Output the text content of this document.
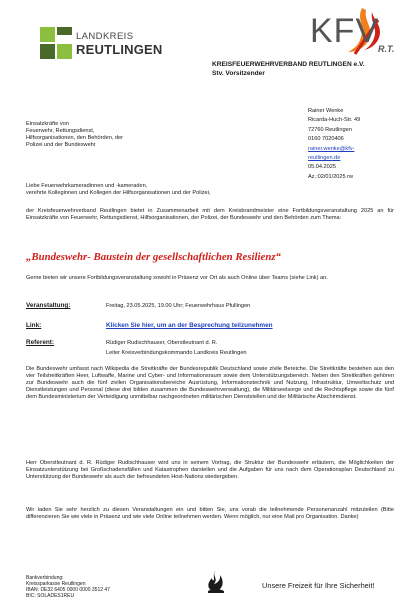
LANDKREIS
REUTLINGEN	KFV
R.T.
KREISFEUERWEHRVERBAND REUTLINGEN e.V.
Stv. Vorsitzender
Einsatzkräfte von
Feuerwehr, Rettungsdienst,
Hilfsorganisationen, den Behörden, der
Polizei und der Bundeswehr
Rainer Wenke
Ricarda-Huch-Str. 49
72760 Reutlingen
0160 7020406
rainer.wenke@kfv-
reutlingen.de
05.04.2025
Az.:02/01/2025 rw
Liebe Feuerwehrkameradinnen und -kameraden,
verehrte Kolleginnen und Kollegen der Hilfsorganisationen und der Polizei,
der Kreisfeuerwehrverband Reutlingen bietet in Zusammenarbeit mit dem Kreisbrandmeister eine Fortbildungsveranstaltung 2025 an für Einsatzkräfte von Feuerwehr, Rettungsdienst, Hilfsorganisationen, der Polizei, der Bundeswehr und den Behörden zum Thema:
„Bundeswehr- Baustein der gesellschaftlichen Resilienz“
Gerne bieten wir unsere Fortbildungsveranstaltung sowohl in Präsenz vor Ort als auch Online über Teams (siehe Link) an.
Veranstaltung:	Freitag, 23.05.2025, 19.00 Uhr; Feuerwehrhaus Pfullingen
Link:	Klicken Sie hier, um an der Besprechung teilzunehmen
Referent:	Rüdiger Rudischhauser, Oberstleutnant d. R.
Leiter Kreisverbindungskommando Landkreis Reutlingen
Die Bundeswehr umfasst nach Wikipedia die Streitkräfte der Bundesrepublik Deutschland sowie zivile Bereiche. Die Streitkräfte bestehen aus den vier Teilstreitkräften Heer, Luftwaffe, Marine und Cyber- und Informationsraum sowie dem Unterstützungsbereich. Neben den Streitkräften gehören zur Bundeswehr auch die fünf zivilen Organisationsbereiche Ausrüstung, Informationstechnik und Nutzung, Infrastruktur, Umweltschutz und Dienstleistungen und Personal (diese drei bilden zusammen die Bundeswehrverwaltung), die Militärseelsorge und die Rechtspflege sowie die fünf dem Bundesministerium der Verteidigung unmittelbar nachgeordneten militärischen Dienststellen und der Militärische Abschirmdienst.
Herr Oberstleutnant d. R. Rüdiger Rudischhauser wird uns in seinem Vortrag, die Struktur der Bundeswehr erläutern, die Möglichkeiten der Einsatzunterstützung bei Großschadensfällen und Katastrophen darstellen und die Aufgaben für uns nach dem Operationsplan Deutschland zu Unterstützung der Bundeswehr als auch der befreundeten Host-Nations wiedergeben.
Wir laden Sie sehr herzlich zu diesen Veranstaltungen ein und bitten Sie, uns vorab die teilnehmende Personenanzahl mitzuteilen (Bitte differenzieren Sie wie viele in Präsenz und wie viele Online teilnehmen werden. Wenn möglich, nur eine Mail pro Organisation. Danke)
Bankverbindung:
Kreissparkasse Reutlingen
IBAN: DE32 6405 0000 0000 3512 47
BIC: SOLADES1REU
Unsere Freizeit für Ihre Sicherheit!
